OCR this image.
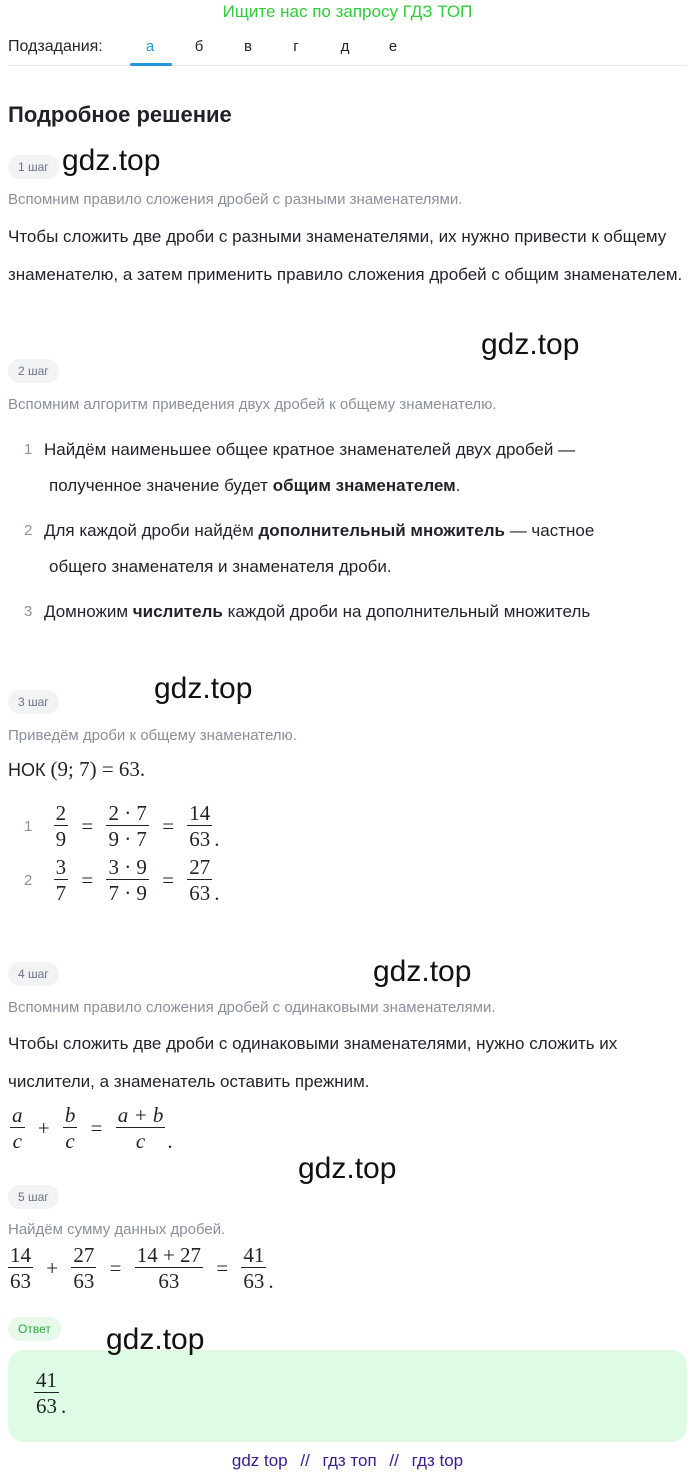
Ищите нас по запросу ГДЗ ТОП
Подзадания:	а	б	в	г	д	е
Подробное решение
1 шаг gdz.top
Вспомним правило сложения дробей с разными знаменателями.
Чтобы сложить две дроби с разными знаменателями, их нужно привести к общему знаменателю, а затем применить правило сложения дробей с общим знаменателем.
gdz.top
2 шаг
Вспомним алгоритм приведения двух дробей к общему знаменателю.
1 Найдём наименьшее общее кратное знаменателей двух дробей —
полученное значение будет общим знаменателем.
2 Для каждой дроби найдём дополнительный множитель — частное
общего знаменателя и знаменателя дроби.
3 Домножим числитель каждой дроби на дополнительный множитель
3 шаг	gdz.top
Приведём дроби к общему знаменателю.
НОК (9; 7) = 63.
$1 \frac{2}{9} = \frac{2 \cdot 7}{9 \cdot 7} = \frac{14}{63}$ .
$2 \frac{3}{7} = \frac{3 \cdot 9}{7 \cdot 9} = \frac{27}{63}$ .
4 шаг	gdz.top
Вспомним правило сложения дробей с одинаковыми знаменателями.
Чтобы сложить две дроби с одинаковыми знаменателями, нужно сложить их числители, а знаменатель оставить прежним.
$\frac{a}{c} + \frac{b}{c} = \frac{a + b}{c}$ .
gdz.top
5 шаг
Найдём сумму данных дробей.
$\frac{14}{63} + \frac{27}{63} = \frac{14 + 27}{63} = \frac{41}{63}$ .
Ответ
$\frac{41}{63}$ .
gdz.top
gdz top // гдз топ // гдз top
